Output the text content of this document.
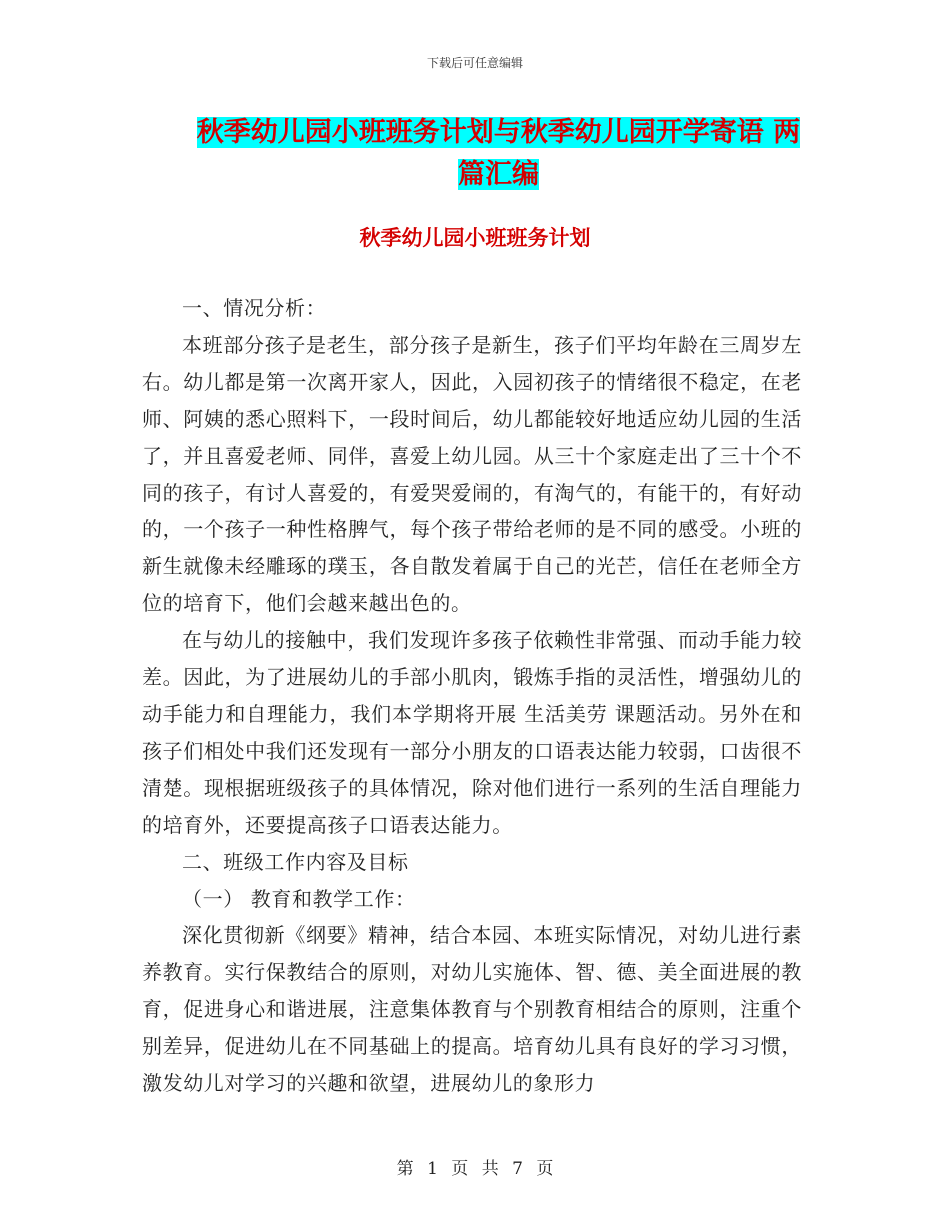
下载后可任意编辑
秋季幼儿园小班班务计划与秋季幼儿园开学寄语 两篇汇编
秋季幼儿园小班班务计划

一、情况分析：

本班部分孩子是老生，部分孩子是新生，孩子们平均年龄在三周岁左右。幼儿都是第一次离开家人，因此，入园初孩子的情绪很不稳定，在老师、阿姨的悉心照料下，一段时间后，幼儿都能较好地适应幼儿园的生活了，并且喜爱老师、同伴，喜爱上幼儿园。从三十个家庭走出了三十个不同的孩子，有讨人喜爱的，有爱哭爱闹的，有淘气的，有能干的，有好动的，一个孩子一种性格脾气，每个孩子带给老师的是不同的感受。小班的新生就像未经雕琢的璞玉，各自散发着属于自己的光芒，信任在老师全方位的培育下，他们会越来越出色的。

在与幼儿的接触中，我们发现许多孩子依赖性非常强、而动手能力较差。因此，为了进展幼儿的手部小肌肉，锻炼手指的灵活性，增强幼儿的动手能力和自理能力，我们本学期将开展 生活美劳 课题活动。另外在和孩子们相处中我们还发现有一部分小朋友的口语表达能力较弱，口齿很不清楚。现根据班级孩子的具体情况，除对他们进行一系列的生活自理能力的培育外，还要提高孩子口语表达能力。

二、班级工作内容及目标

（一） 教育和教学工作：

深化贯彻新《纲要》精神，结合本园、本班实际情况，对幼儿进行素养教育。实行保教结合的原则，对幼儿实施体、智、德、美全面进展的教育，促进身心和谐进展，注意集体教育与个别教育相结合的原则，注重个别差异，促进幼儿在不同基础上的提高。培育幼儿具有良好的学习习惯，激发幼儿对学习的兴趣和欲望，进展幼儿的象形力

第 1 页 共 7 页
